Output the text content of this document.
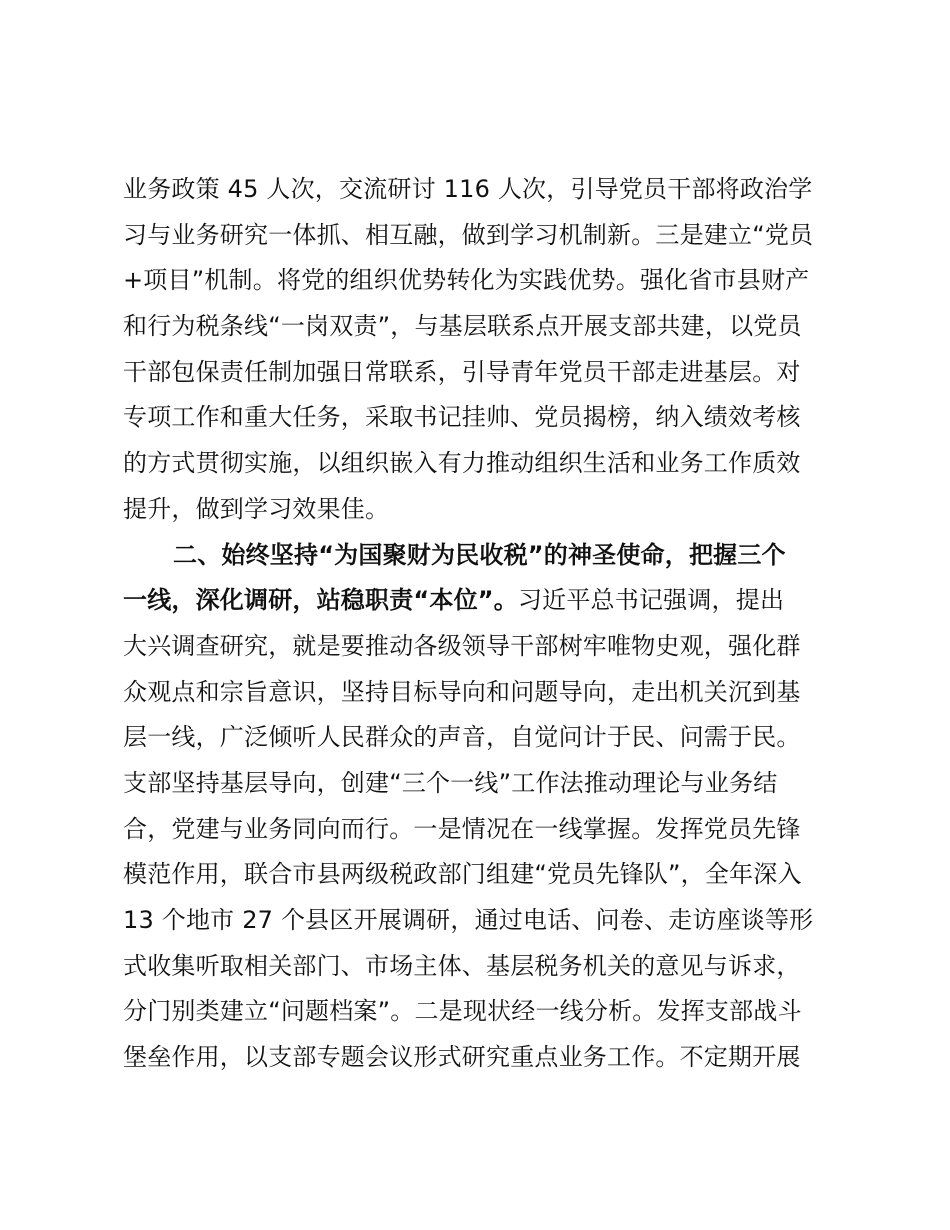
业务政策 45 人次，交流研讨 116 人次，引导党员干部将政治学
习与业务研究一体抓、相互融，做到学习机制新。三是建立“党员
+项目”机制。将党的组织优势转化为实践优势。强化省市县财产
和行为税条线“一岗双责”，与基层联系点开展支部共建，以党员
干部包保责任制加强日常联系，引导青年党员干部走进基层。对
专项工作和重大任务，采取书记挂帅、党员揭榜，纳入绩效考核
的方式贯彻实施，以组织嵌入有力推动组织生活和业务工作质效
提升，做到学习效果佳。
二、始终坚持“为国聚财为民收税”的神圣使命，把握三个
一线，深化调研，站稳职责“本位”。习近平总书记强调，提出
大兴调查研究，就是要推动各级领导干部树牢唯物史观，强化群
众观点和宗旨意识，坚持目标导向和问题导向，走出机关沉到基
层一线，广泛倾听人民群众的声音，自觉问计于民、问需于民。
支部坚持基层导向，创建“三个一线”工作法推动理论与业务结
合，党建与业务同向而行。一是情况在一线掌握。发挥党员先锋
模范作用，联合市县两级税政部门组建“党员先锋队”，全年深入
13 个地市 27 个县区开展调研，通过电话、问卷、走访座谈等形
式收集听取相关部门、市场主体、基层税务机关的意见与诉求，
分门别类建立“问题档案”。二是现状经一线分析。发挥支部战斗
堡垒作用，以支部专题会议形式研究重点业务工作。不定期开展
